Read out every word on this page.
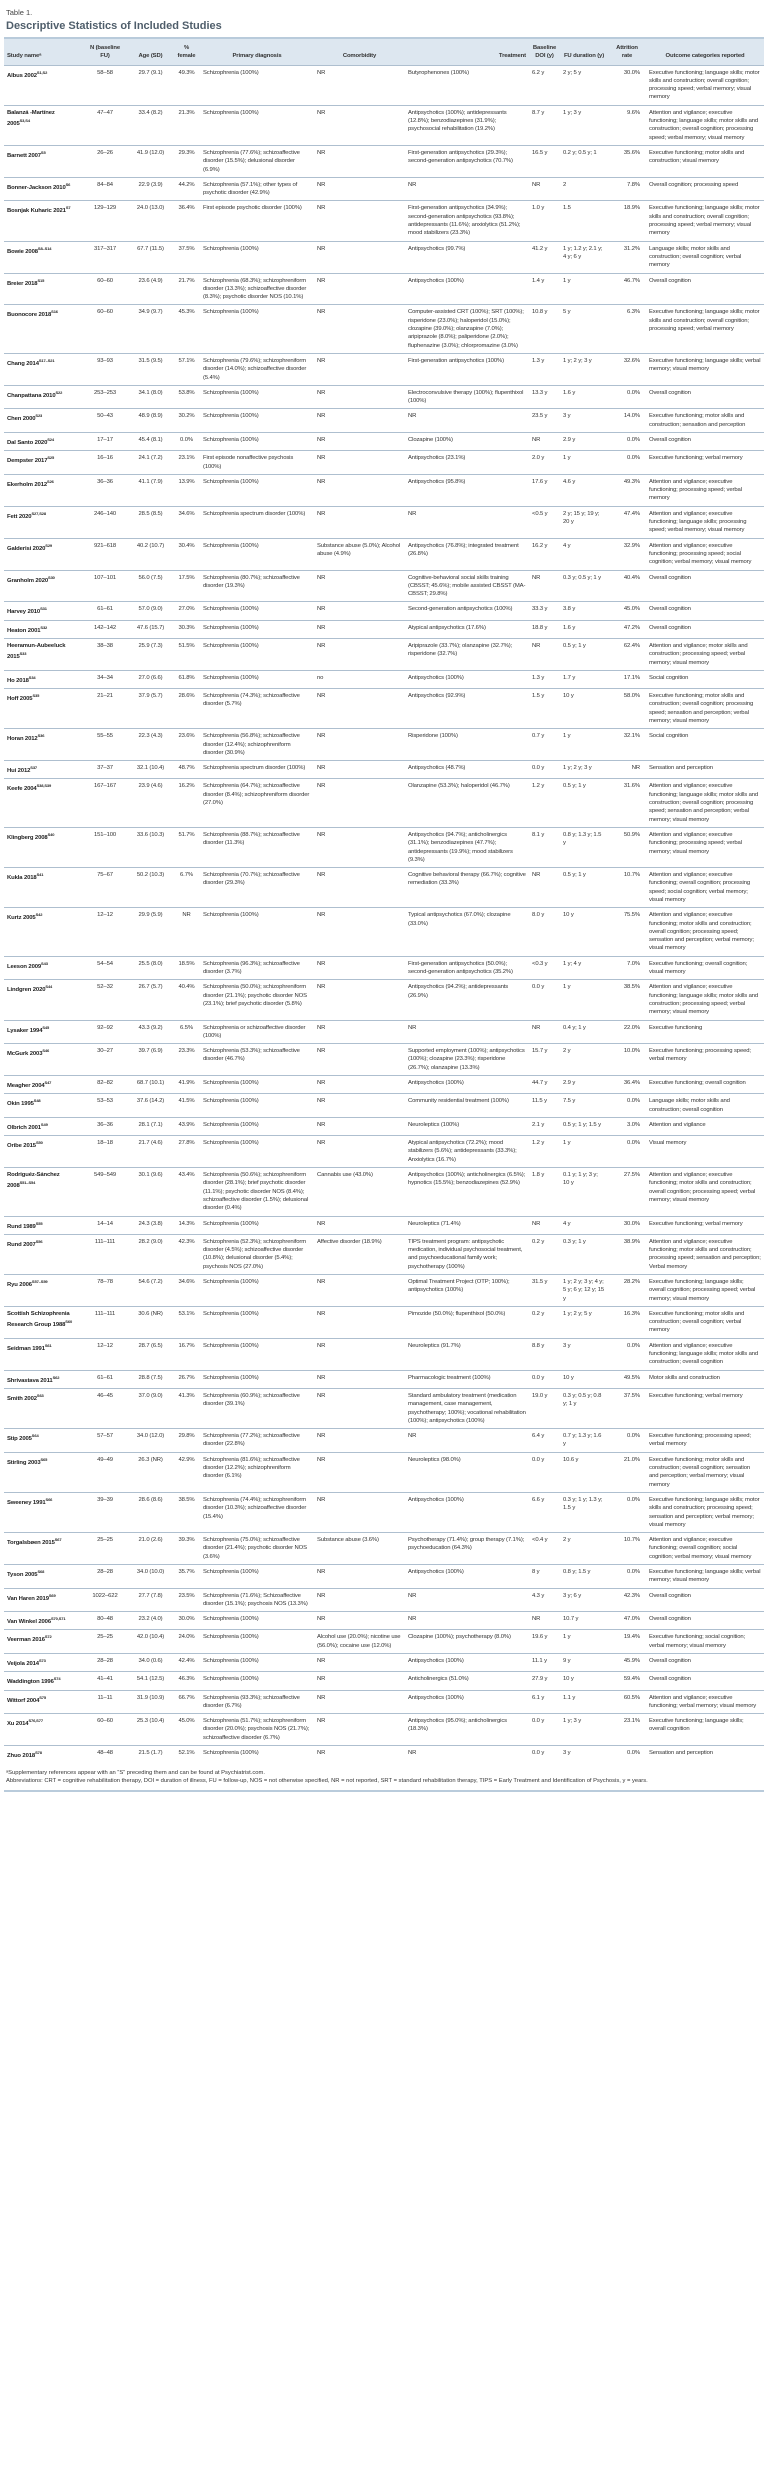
Table 1.
Descriptive Statistics of Included Studies
Study nameᵃ	N (baseline FU)	Age (SD)	% female	Primary diagnosis	Comorbidity	Treatment	Baseline DOI (y)	FU duration (y)	Attrition rate	Outcome categories reported
Albus $2002^{S1,S2}$	58–58	29.7 (9.1)	49.3%	Schizophrenia (100%)	NR	Butyrophenones (100%)	6.2 y	2 y; 5 y	30.0%	Executive functioning; language skills; motor skills and construction; overall cognition; processing speed; verbal memory; visual memory
Balanzá -Martínez $2005^{S3,S4}$	47–47	33.4 (8.2)	21.3%	Schizophrenia (100%)	NR	Antipsychotics (100%); antidepressants (12.8%); benzodiazepines (31.9%); psychosocial rehabilitation (19.2%)	8.7 y	1 y; 3 y	9.6%	Attention and vigilance; executive functioning; language skills; motor skills and construction; overall cognition; processing speed; verbal memory; visual memory
Barnett $2007^{S5}$	26–26	41.9 (12.0)	29.3%	Schizophrenia (77.6%); schizoaffective disorder (15.5%); delusional disorder (6.9%)	NR	First-generation antipsychotics (29.3%); second-generation antipsychotics (70.7%)	16.5 y	0.2 y; 0.5 y; 1	35.6%	Executive functioning; motor skills and construction; visual memory
Bonner-Jackson $2010^{S6}$	84–84	22.9 (3.9)	44.2%	Schizophrenia (57.1%); other types of psychotic disorder (42.9%)	NR	NR	NR	2	7.8%	Overall cognition; processing speed
Bosnjak Kuharic $2021^{S7}$	129–129	24.0 (13.0)	36.4%	First episode psychotic disorder (100%)	NR	First-generation antipsychotics (34.9%); second-generation antipsychotics (93.8%); antidepressants (11.6%); anxiolytics (51.2%); mood stabilizers (23.3%)	1.0 y	1.5	18.9%	Executive functioning; language skills; motor skills and construction; overall cognition; processing speed; verbal memory; visual memory
Bowie $2008^{S8-S14}$	317–317	67.7 (11.5)	37.5%	Schizophrenia (100%)	NR	Antipsychotics (99.7%)	41.2 y	1 y; 1.2 y; 2.1 y; 4 y; 6 y	31.2%	Language skills; motor skills and construction; overall cognition; verbal memory
Breier $2018^{S15}$	60–60	23.6 (4.9)	21.7%	Schizophrenia (68.3%); schizophreniform disorder (13.3%); schizoaffective disorder (8.3%); psychotic disorder NOS (10.1%)	NR	Antipsychotics (100%)	1.4 y	1 y	46.7%	Overall cognition
Buonocore $2018^{S16}$	60–60	34.9 (9.7)	45.3%	Schizophrenia (100%)	NR	Computer-assisted CRT (100%); SRT (100%); risperidone (23.0%); haloperidol (15.0%); clozapine (39.0%); olanzapine (7.0%); aripiprazole (8.0%); paliperidone (2.0%); fluphenazine (3.0%); chlorpromazine (3.0%)	10.8 y	5 y	6.3%	Executive functioning; language skills; motor skills and construction; overall cognition; processing speed; verbal memory
Chang $2014^{S17-S21}$	93–93	31.5 (9.5)	57.1%	Schizophrenia (79.6%); schizophreniform disorder (14.0%); schizoaffective disorder (5.4%)	NR	First-generation antipsychotics (100%)	1.3 y	1 y; 2 y; 3 y	32.6%	Executive functioning; language skills; verbal memory; visual memory
Chanpattana $2010^{S22}$	253–253	34.1 (8.0)	53.8%	Schizophrenia (100%)	NR	Electroconvulsive therapy (100%); flupenthixol (100%)	13.3 y	1.6 y	0.0%	Overall cognition
Chen $2000^{S23}$	50–43	48.9 (8.9)	30.2%	Schizophrenia (100%)	NR	NR	23.5 y	3 y	14.0%	Executive functioning; motor skills and construction; sensation and perception
Dal Santo $2020^{S24}$	17–17	45.4 (8.1)	0.0%	Schizophrenia (100%)	NR	Clozapine (100%)	NR	2.9 y	0.0%	Overall cognition
Dempster $2017^{S25}$	16–16	24.1 (7.2)	23.1%	First episode nonaffective psychosis (100%)	NR	Antipsychotics (23.1%)	2.0 y	1 y	0.0%	Executive functioning; verbal memory
Ekerholm $2012^{S26}$	36–36	41.1 (7.9)	13.9%	Schizophrenia (100%)	NR	Antipsychotics (95.8%)	17.6 y	4.6 y	49.3%	Attention and vigilance; executive functioning; processing speed; verbal memory
Fett $2020^{S27,S28}$	246–140	28.5 (8.5)	34.6%	Schizophrenia spectrum disorder (100%)	NR	NR	<0.5 y	2 y; 15 y; 19 y; 20 y	47.4%	Attention and vigilance; executive functioning; language skills; processing speed; verbal memory; visual memory
Galderisi $2020^{S29}$	921–618	40.2 (10.7)	30.4%	Schizophrenia (100%)	Substance abuse (5.0%); Alcohol abuse (4.9%)	Antipsychotics (76.8%); integrated treatment (26.8%)	16.2 y	4 y	32.9%	Attention and vigilance; executive functioning; processing speed; social cognition; verbal memory; visual memory
Granholm $2020^{S30}$	107–101	56.0 (7.5)	17.5%	Schizophrenia (80.7%); schizoaffective disorder (19.3%)	NR	Cognitive-behavioral social skills training (CBSST; 45.6%); mobile assisted CBSST (MA-CBSST; 29.8%)	NR	0.3 y; 0.5 y; 1 y	40.4%	Overall cognition
Harvey $2010^{S31}$	61–61	57.0 (9.0)	27.0%	Schizophrenia (100%)	NR	Second-generation antipsychotics (100%)	33.3 y	3.8 y	45.0%	Overall cognition
Heaton $2001^{S32}$	142–142	47.6 (15.7)	30.3%	Schizophrenia (100%)	NR	Atypical antipsychotics (17.6%)	18.8 y	1.6 y	47.2%	Overall cognition
Heeramun-Aubeeluck $2015^{S33}$	38–38	25.9 (7.3)	51.5%	Schizophrenia (100%)	NR	Aripiprazole (33.7%); olanzapine (32.7%); risperidone (32.7%)	NR	0.5 y; 1 y	62.4%	Attention and vigilance; motor skills and construction; processing speed; verbal memory; visual memory
Ho $2018^{S34}$	34–34	27.0 (6.6)	61.8%	Schizophrenia (100%)	no	Antipsychotics (100%)	1.3 y	1.7 y	17.1%	Social cognition
Hoff $2005^{S35}$	21–21	37.9 (5.7)	28.6%	Schizophrenia (74.3%); schizoaffective disorder (5.7%)	NR	Antipsychotics (92.9%)	1.5 y	10 y	58.0%	Executive functioning; motor skills and construction; overall cognition; processing speed; sensation and perception; verbal memory; visual memory
Horan $2012^{S36}$	55–55	22.3 (4.3)	23.6%	Schizophrenia (56.8%); schizoaffective disorder (12.4%); schizophreniform disorder (30.9%)	NR	Risperidone (100%)	0.7 y	1 y	32.1%	Social cognition
Hui $2012^{S37}$	37–37	32.1 (10.4)	48.7%	Schizophrenia spectrum disorder (100%)	NR	Antipsychotics (48.7%)	0.0 y	1 y; 2 y; 3 y	NR	Sensation and perception
Keefe $2004^{S38,S39}$	167–167	23.9 (4.6)	16.2%	Schizophrenia (64.7%); schizoaffective disorder (8.4%); schizophreniform disorder (27.0%)	NR	Olanzapine (53.3%); haloperidol (46.7%)	1.2 y	0.5 y; 1 y	31.6%	Attention and vigilance; executive functioning; language skills; motor skills and construction; overall cognition; processing speed; sensation and perception; verbal memory; visual memory
Klingberg $2008^{S40}$	151–100	33.6 (10.3)	51.7%	Schizophrenia (88.7%); schizoaffective disorder (11.3%)	NR	Antipsychotics (94.7%); anticholinergics (31.1%); benzodiazepines (47.7%); antidepressants (19.9%); mood stabilizers (9.3%)	8.1 y	0.8 y; 1.3 y; 1.5 y	50.9%	Attention and vigilance; executive functioning; processing speed; verbal memory; visual memory
Kukla $2018^{S41}$	75–67	50.2 (10.3)	6.7%	Schizophrenia (70.7%); schizoaffective disorder (29.3%)	NR	Cognitive behavioral therapy (66.7%); cognitive remediation (33.3%)	NR	0.5 y; 1 y	10.7%	Attention and vigilance; executive functioning; overall cognition; processing speed; social cognition; verbal memory; visual memory
Kurtz $2005^{S42}$	12–12	29.9 (5.9)	NR	Schizophrenia (100%)	NR	Typical antipsychotics (67.0%); clozapine (33.0%)	8.0 y	10 y	75.5%	Attention and vigilance; executive functioning; motor skills and construction; overall cognition; processing speed; sensation and perception; verbal memory; visual memory
Leeson $2009^{S43}$	54–54	25.5 (8.0)	18.5%	Schizophrenia (96.3%); schizoaffective disorder (3.7%)	NR	First-generation antipsychotics (50.0%); second-generation antipsychotics (35.2%)	<0.3 y	1 y; 4 y	7.0%	Executive functioning; overall cognition; visual memory
Lindgren $2020^{S44}$	52–32	26.7 (5.7)	40.4%	Schizophrenia (50.0%); schizophreniform disorder (21.1%); psychotic disorder NOS (23.1%); brief psychotic disorder (5.8%)	NR	Antipsychotics (94.2%); antidepressants (26.9%)	0.0 y	1 y	38.5%	Attention and vigilance; executive functioning; language skills; motor skills and construction; processing speed; verbal memory; visual memory
Lysaker $1994^{S45}$	92–92	43.3 (9.2)	6.5%	Schizophrenia or schizoaffective disorder (100%)	NR	NR	NR	0.4 y; 1 y	22.0%	Executive functioning
McGurk $2003^{S46}$	30–27	39.7 (6.9)	23.3%	Schizophrenia (53.3%); schizoaffective disorder (46.7%)	NR	Supported employment (100%); antipsychotics (100%); clozapine (23.3%); risperidone (26.7%); olanzapine (13.3%)	15.7 y	2 y	10.0%	Executive functioning; processing speed; verbal memory
Meagher $2004^{S47}$	82–82	68.7 (10.1)	41.9%	Schizophrenia (100%)	NR	Antipsychotics (100%)	44.7 y	2.9 y	36.4%	Executive functioning; overall cognition
Okin $1995^{S48}$	53–53	37.6 (14.2)	41.5%	Schizophrenia (100%)	NR	Community residential treatment (100%)	11.5 y	7.5 y	0.0%	Language skills; motor skills and construction; overall cognition
Olbrich $2001^{S49}$	36–36	28.1 (7.1)	43.9%	Schizophrenia (100%)	NR	Neuroleptics (100%)	2.1 y	0.5 y; 1 y; 1.5 y	3.0%	Attention and vigilance
Oribe $2015^{S50}$	18–18	21.7 (4.6)	27.8%	Schizophrenia (100%)	NR	Atypical antipsychotics (72.2%); mood stabilizers (5.6%); antidepressants (33.3%); Anxiolytics (16.7%)	1.2 y	1 y	0.0%	Visual memory
Rodriguéz-Sánchez $2008^{S51-S54}$	549–549	30.1 (9.6)	43.4%	Schizophrenia (50.6%); schizophreniform disorder (28.1%); brief psychotic disorder (11.1%); psychotic disorder NOS (8.4%); schizoaffective disorder (1.5%); delusional disorder (0.4%)	Cannabis use (43.0%)	Antipsychotics (100%); anticholinergics (6.5%); hypnotics (15.5%); benzodiazepines (52.9%)	1.8 y	0.1 y; 1 y; 3 y; 10 y	27.5%	Attention and vigilance; executive functioning; motor skills and construction; overall cognition; processing speed; verbal memory; visual memory
Rund $1989^{S55}$	14–14	24.3 (3.8)	14.3%	Schizophrenia (100%)	NR	Neuroleptics (71.4%)	NR	4 y	30.0%	Executive functioning; verbal memory
Rund $2007^{S56}$	111–111	28.2 (9.0)	42.3%	Schizophrenia (52.3%); schizophreniform disorder (4.5%); schizoaffective disorder (10.8%); delusional disorder (5.4%); psychosis NOS (27.0%)	Affective disorder (18.9%)	TIPS treatment program: antipsychotic medication, individual psychosocial treatment, and psychoeducational family work; psychotherapy (100%)	0.2 y	0.3 y; 1 y	38.9%	Attention and vigilance; executive functioning; motor skills and construction; processing speed; sensation and perception; Verbal memory
Ryu $2006^{S57-S59}$	78–78	54.6 (7.2)	34.6%	Schizophrenia (100%)	NR	Optimal Treatment Project (OTP; 100%); antipsychotics (100%)	31.5 y	1 y; 2 y; 3 y; 4 y; 5 y; 6 y; 12 y; 15 y	28.2%	Executive functioning; language skills; overall cognition; processing speed; verbal memory; visual memory
Scottish Schizophrenia Research Group $1988^{S60}$	111–111	30.6 (NR)	53.1%	Schizophrenia (100%)	NR	Pimozide (50.0%); flupenthixol (50.0%)	0.2 y	1 y; 2 y; 5 y	16.3%	Executive functioning; motor skills and construction; overall cognition; verbal memory
Seidman $1991^{S61}$	12–12	28.7 (6.5)	16.7%	Schizophrenia (100%)	NR	Neuroleptics (91.7%)	8.8 y	3 y	0.0%	Attention and vigilance; executive functioning; language skills; motor skills and construction; overall cognition
Shrivastava $2011^{S62}$	61–61	28.8 (7.5)	26.7%	Schizophrenia (100%)	NR	Pharmacologic treatment (100%)	0.0 y	10 y	49.5%	Motor skills and construction
Smith $2002^{S63}$	46–45	37.0 (9.0)	41.3%	Schizophrenia (60.9%); schizoaffective disorder (39.1%)	NR	Standard ambulatory treatment (medication management, case management, psychotherapy; 100%); vocational rehabilitation (100%); antipsychotics (100%)	19.0 y	0.3 y; 0.5 y; 0.8 y; 1 y	37.5%	Executive functioning; verbal memory
Stip $2005^{S64}$	57–57	34.0 (12.0)	29.8%	Schizophrenia (77.2%); schizoaffective disorder (22.8%)	NR	NR	6.4 y	0.7 y; 1.3 y; 1.6 y	0.0%	Executive functioning; processing speed; verbal memory
Stirling $2003^{S65}$	49–49	26.3 (NR)	42.9%	Schizophrenia (81.6%); schizoaffective disorder (12.2%); schizophreniform disorder (6.1%)	NR	Neuroleptics (98.0%)	0.0 y	10.6 y	21.0%	Executive functioning; motor skills and construction; overall cognition; sensation and perception; verbal memory; visual memory
Sweeney $1991^{S66}$	39–39	28.6 (8.6)	38.5%	Schizophrenia (74.4%); schizophreniform disorder (10.3%); schizoaffective disorder (15.4%)	NR	Antipsychotics (100%)	6.6 y	0.3 y; 1 y; 1.3 y; 1.5 y	0.0%	Executive functioning; language skills; motor skills and construction; processing speed; sensation and perception; verbal memory; visual memory
Torgalsbøen $2015^{S67}$	25–25	21.0 (2.6)	39.3%	Schizophrenia (75.0%); schizoaffective disorder (21.4%); psychotic disorder NOS (3.6%)	Substance abuse (3.6%)	Psychotherapy (71.4%); group therapy (7.1%); psychoeducation (64.3%)	<0.4 y	2 y	10.7%	Attention and vigilance; executive functioning; overall cognition; social cognition; verbal memory; visual memory
Tyson $2005^{S68}$	28–28	34.0 (10.0)	35.7%	Schizophrenia (100%)	NR	Antipsychotics (100%)	8 y	0.8 y; 1.5 y	0.0%	Executive functioning; language skills; verbal memory; visual memory
Van Haren $2019^{S69}$	1022–622	27.7 (7.8)	23.5%	Schizophrenia (71.6%); Schizoaffective disorder (15.1%); psychosis NOS (13.3%)	NR	NR	4.3 y	3 y; 6 y	42.3%	Overall cognition
Van Winkel $2006^{S70,S71}$	80–48	23.2 (4.0)	30.0%	Schizophrenia (100%)	NR	NR	NR	10.7 y	47.0%	Overall cognition
Veerman $2016^{S72}$	25–25	42.0 (10.4)	24.0%	Schizophrenia (100%)	Alcohol use (20.0%); nicotine use (56.0%); cocaine use (12.0%)	Clozapine (100%); psychotherapy (8.0%)	19.6 y	1 y	19.4%	Executive functioning; social cognition; verbal memory; visual memory
Veijola $2014^{S73}$	28–28	34.0 (0.6)	42.4%	Schizophrenia (100%)	NR	Antipsychotics (100%)	11.1 y	9 y	45.9%	Overall cognition
Waddington $1996^{S74}$	41–41	54.1 (12.5)	46.3%	Schizophrenia (100%)	NR	Anticholinergics (51.0%)	27.9 y	10 y	59.4%	Overall cognition
Wittorf $2004^{S75}$	11–11	31.9 (10.9)	66.7%	Schizophrenia (93.3%); schizoaffective disorder (6.7%)	NR	Antipsychotics (100%)	6.1 y	1.1 y	60.5%	Attention and vigilance; executive functioning; verbal memory; visual memory
Xu $2014^{S76,S77}$	60–60	25.3 (10.4)	45.0%	Schizophrenia (51.7%); schizophreniform disorder (20.0%); psychosis NOS (21.7%); schizoaffective disorder (6.7%)	NR	Antipsychotics (95.0%); anticholinergics (18.3%)	0.0 y	1 y; 3 y	23.1%	Executive functioning; language skills; overall cognition
Zhuo $2018^{S78}$	48–48	21.5 (1.7)	52.1%	Schizophrenia (100%)	NR	NR	0.0 y	3 y	0.0%	Sensation and perception
ᵃSupplementary references appear with an “S” preceding them and can be found at Psychiatrist.com.
Abbreviations: CRT = cognitive rehabilitation therapy, DOI = duration of illness, FU = follow-up, NOS = not otherwise specified, NR = not reported, SRT = standard rehabilitation therapy, TIPS = Early Treatment and Identification of Psychosis, y = years.
